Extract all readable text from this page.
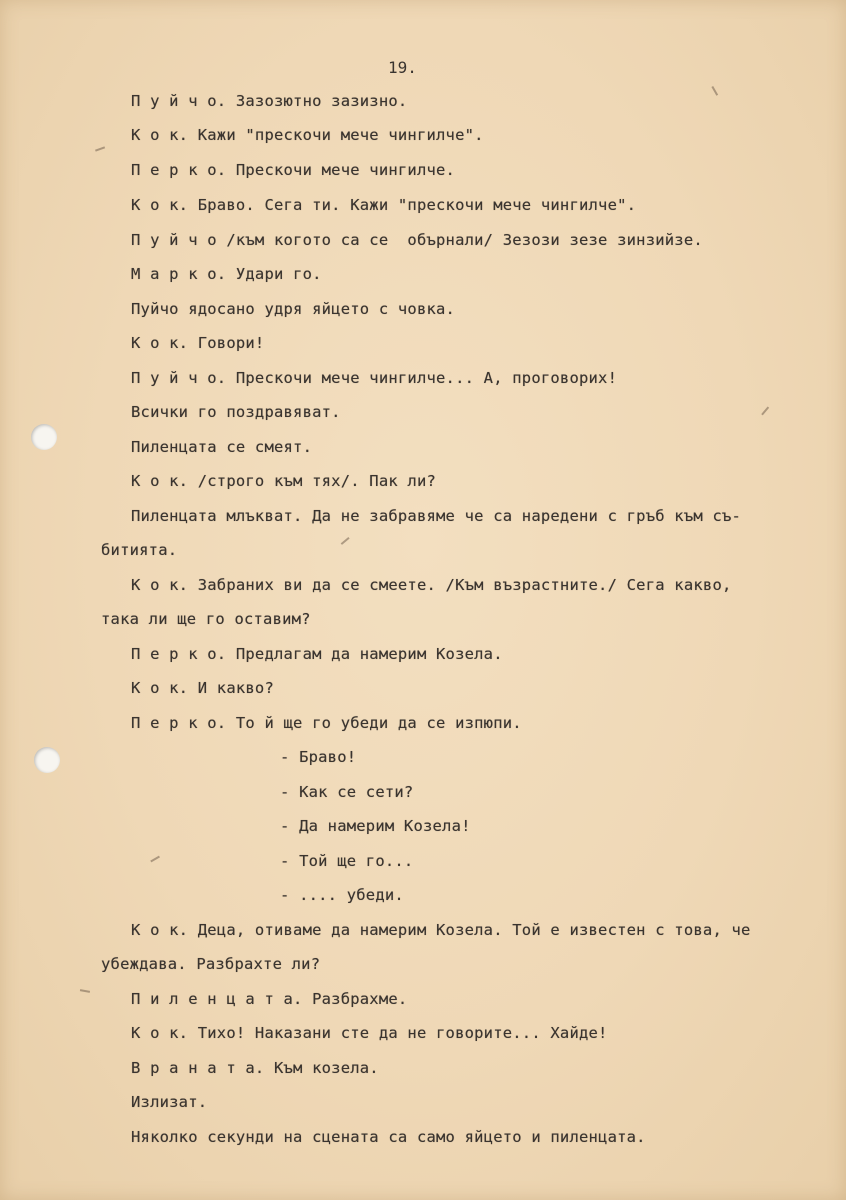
19.
П у й ч о. Зазозютно зазизно.
К о к. Кажи "прескочи мече чингилче".
П е р к о. Прескочи мече чингилче.
К о к. Браво. Сега ти. Кажи "прескочи мече чингилче".
П у й ч о /към когото са се  обърнали/ Зезози зезе зинзийзе.
М а р к о. Удари го.
Пуйчо ядосано удря яйцето с човка.
К о к. Говори!
П у й ч о. Прескочи мече чингилче... А, проговорих!
Всички го поздравяват.
Пиленцата се смеят.
К о к. /строго към тях/. Пак ли?
Пиленцата млъкват. Да не забравяме че са наредени с гръб към съ-
битията.
К о к. Забраних ви да се смеете. /Към възрастните./ Сега какво,
така ли ще го оставим?
П е р к о. Предлагам да намерим Козела.
К о к. И какво?
П е р к о. То й ще го убеди да се изпюпи.
- Браво!
- Как се сети?
- Да намерим Козела!
- Той ще го...
- .... убеди.
К о к. Деца, отиваме да намерим Козела. Той е известен с това, че
убеждава. Разбрахте ли?
П и л е н ц а т а. Разбрахме.
К о к. Тихо! Наказани сте да не говорите... Хайде!
В р а н а т а. Към козела.
Излизат.
Няколко секунди на сцената са само яйцето и пиленцата.
